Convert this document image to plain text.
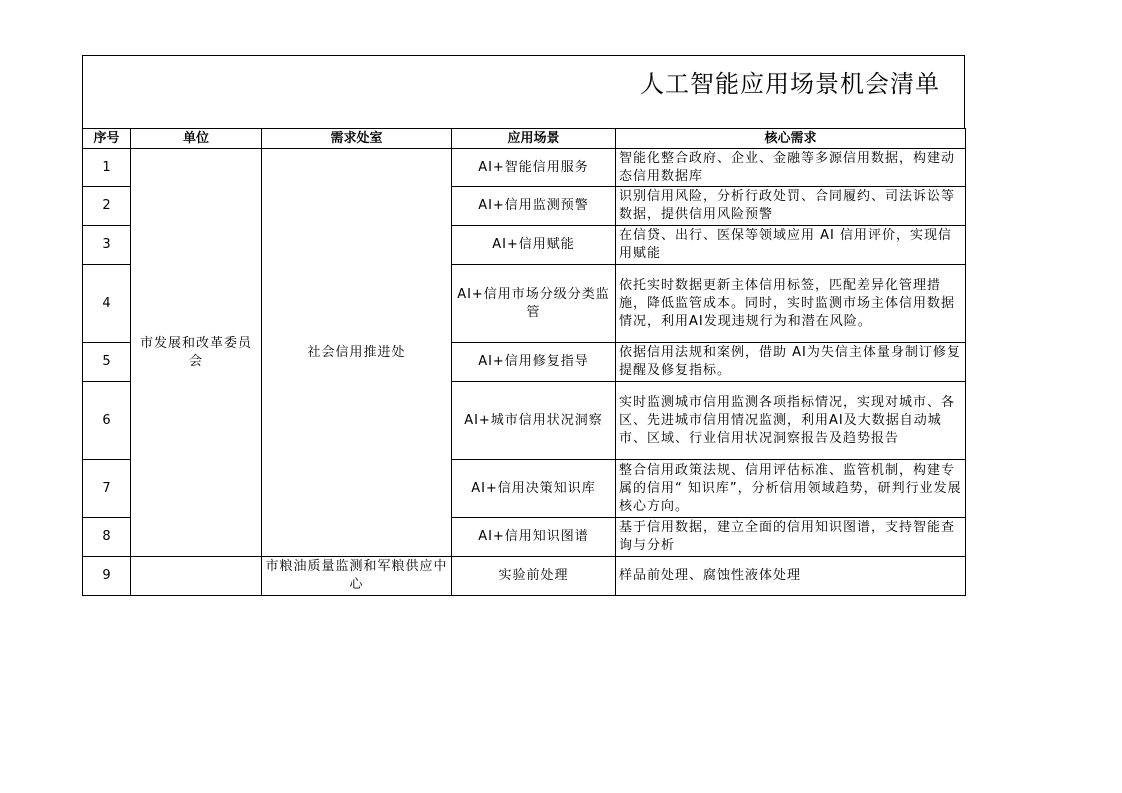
人工智能应用场景机会清单
序号	单位	需求处室	应用场景	核心需求
1	市发展和改革委员会	社会信用推进处	AI+智能信用服务	智能化整合政府、企业、金融等多源信用数据，构建动态信用数据库
2			AI+信用监测预警	识别信用风险，分析行政处罚、合同履约、司法诉讼等数据，提供信用风险预警
3			AI+信用赋能	在信贷、出行、医保等领域应用 AI 信用评价，实现信用赋能
4			AI+信用市场分级分类监管	依托实时数据更新主体信用标签，匹配差异化管理措施，降低监管成本。同时，实时监测市场主体信用数据情况，利用AI发现违规行为和潜在风险。
5			AI+信用修复指导	依据信用法规和案例，借助 AI为失信主体量身制订修复提醒及修复指标。
6			AI+城市信用状况洞察	实时监测城市信用监测各项指标情况，实现对城市、各区、先进城市信用情况监测，利用AI及大数据自动城市、区域、行业信用状况洞察报告及趋势报告
7			AI+信用决策知识库	整合信用政策法规、信用评估标准、监管机制，构建专属的信用“ 知识库”，分析信用领域趋势，研判行业发展核心方向。
8			AI+信用知识图谱	基于信用数据，建立全面的信用知识图谱，支持智能查询与分析
9		市粮油质量监测和军粮供应中心	实验前处理	样品前处理、腐蚀性液体处理
